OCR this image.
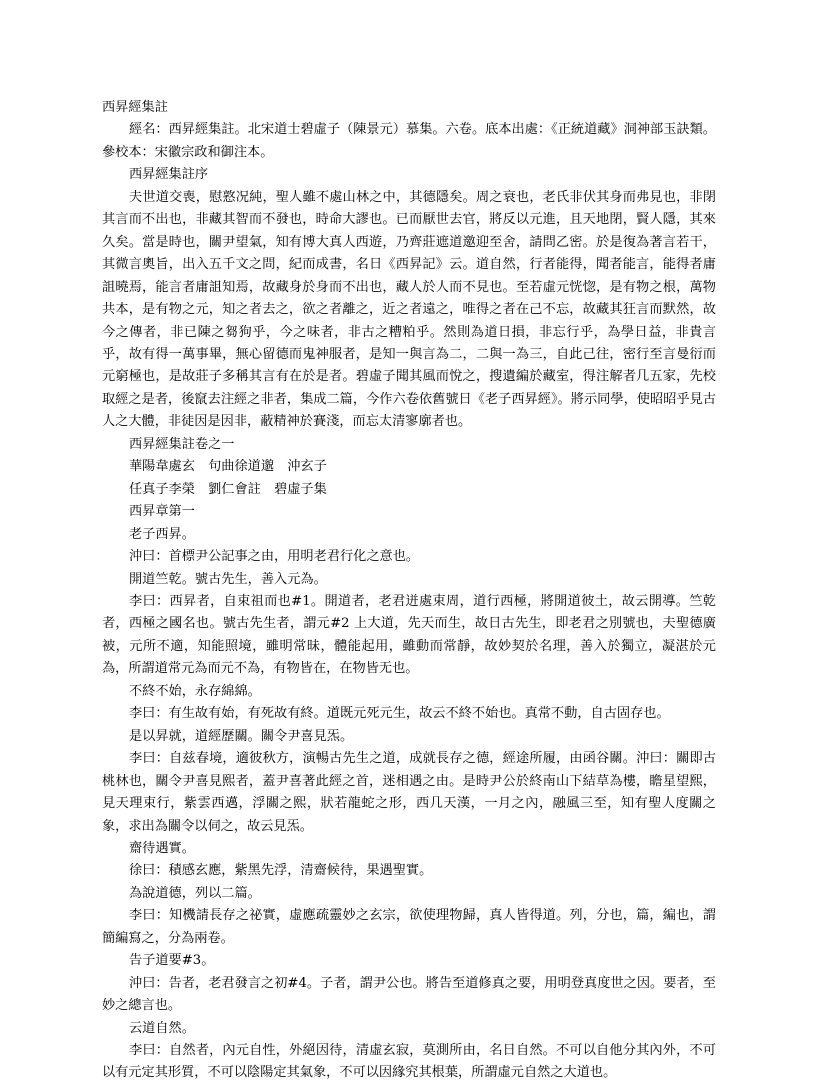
西昇經集註

經名：西昇經集註。北宋道士碧虛子（陳景元）慕集。六卷。底本出處：《正統道藏》洞神部玉訣類。參校本：宋徽宗政和御注本。

西昇經集註序

夫世道交喪，慰憝况純，聖人雖不處山林之中，其德隱矣。周之衰也，老氏非伏其身而弗見也，非閉其言而不出也，非藏其智而不發也，時命大謬也。已而厭世去官，將反以元進，且天地閉，賢人隱，其來久矣。當是時也，關尹望氣，知有博大真人西遊，乃齊莊遮道邀迎至舍，請問乙密。於是復為著言若干，其微言奧旨，出入五千文之問，紀而成書，名日《西昇記》云。道自然，行者能得，聞者能言，能得者庸詛曉焉，能言者庸詛知焉，故藏身於身而不出也，藏人於人而不見也。至若虛元恍惚，是有物之根，萬物共本，是有物之元，知之者去之，欲之者離之，近之者遠之，唯得之者在己不忘，故藏其狂言而默然，故今之傳者，非已陳之芻狗乎，今之味者，非古之糟粕乎。然則為道日損，非忘行乎，為學日益，非貴言乎，故有得一萬事畢，無心留德而鬼神服者，是知一與言為二，二與一為三，自此己往，密行至言曼衍而元窮極也，是故莊子多稱其言有在於是者。碧虛子聞其風而悅之，搜遺編於藏室，得注解者几五家，先校取經之是者，後竄去注經之非者，集成二篇，今作六卷依舊號日《老子西昇經》。將示同學，使昭昭乎見古人之大體，非徒因是因非，蔽精神於賽淺，而忘太清寥廓者也。

西昇經集註卷之一

華陽韋處玄　句曲徐道邈　沖玄子

任真子李榮　劉仁會註　碧虛子集

西昇章第一

老子西昇。

沖曰：首標尹公記事之由，用明老君行化之意也。

開道竺乾。號古先生，善入元為。

李曰：西昇者，自束祖而也#1。開道者，老君迸處束周，道行西極，將開道彼土，故云開導。竺乾者，西極之國名也。號古先生者，謂元#2 上大道，先天而生，故日古先生，即老君之別號也，夫聖德廣被，元所不適，知能照境，雖明常昧，體能起用，雖動而常靜，故妙契於名理，善入於獨立，凝湛於元為，所謂道常元為而元不為，有物皆在，在物皆无也。

不終不始，永存綿綿。

李曰：有生故有始，有死故有終。道既元死元生，故云不終不始也。真常不動，自古固存也。

是以昇就，道經歷關。關令尹喜見炁。

李曰：自兹春境，適彼秋方，演暢古先生之道，成就長存之德，經途所履，由函谷關。沖曰：關即古桃林也，關令尹喜見熙者，蓋尹喜著此經之首，迷相遇之由。是時尹公於終南山下結草為樓，瞻星望熙，見天理束行，紫雲西邁，浮關之熙，狀若龍蛇之形，西几天漢，一月之內，融風三至，知有聖人度關之象，求出為關令以伺之，故云見炁。

齋待遇實。

徐曰：積感玄應，紫黑先浮，清齋候待，果遇聖實。

為說道德，列以二篇。

李曰：知機請長存之祕實，虛應疏靈妙之玄宗，欲使理物歸，真人皆得道。列，分也，篇，編也，謂簡編寫之，分為兩卷。

告子道要#3。

沖曰：告者，老君發言之初#4。子者，謂尹公也。將告至道修真之要，用明登真度世之因。要者，至妙之總言也。

云道自然。

李曰：自然者，內元自性，外絕因待，清虛玄寂，莫測所由，名日自然。不可以自他分其內外，不可以有元定其形質，不可以陰陽定其氣象，不可以因緣究其根葉，所謂虛元自然之大道也。
